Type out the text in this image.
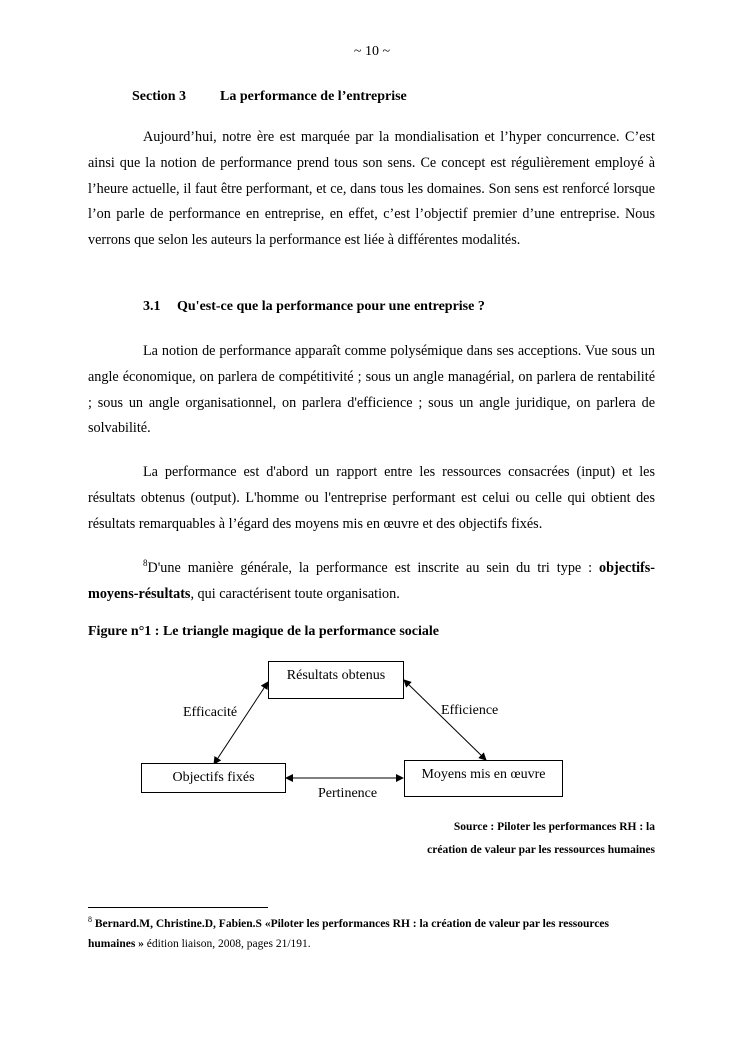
~ 10 ~
Section 3 La performance de l’entreprise

Aujourd’hui, notre ère est marquée par la mondialisation et l’hyper concurrence. C’est ainsi que la notion de performance prend tous son sens. Ce concept est régulièrement employé à l’heure actuelle, il faut être performant, et ce, dans tous les domaines. Son sens est renforcé lorsque l’on parle de performance en entreprise, en effet, c’est l’objectif premier d’une entreprise. Nous verrons que selon les auteurs la performance est liée à différentes modalités.

3.1 Qu'est-ce que la performance pour une entreprise ?

La notion de performance apparaît comme polysémique dans ses acceptions. Vue sous un angle économique, on parlera de compétitivité ; sous un angle managérial, on parlera de rentabilité ; sous un angle organisationnel, on parlera d'efficience ; sous un angle juridique, on parlera de solvabilité.

La performance est d'abord un rapport entre les ressources consacrées (input) et les résultats obtenus (output). L'homme ou l'entreprise performant est celui ou celle qui obtient des résultats remarquables à l’égard des moyens mis en œuvre et des objectifs fixés.

$^8$D'une manière générale, la performance est inscrite au sein du tri type : objectifs-moyens-résultats, qui caractérisent toute organisation.

Figure n°1 : Le triangle magique de la performance sociale
Résultats obtenus
Objectifs fixés	Moyens mis en œuvre
Efficacité	Efficience
Pertinence
Source : Piloter les performances RH : la
création de valeur par les ressources humaines
$^8$ Bernard.M, Christine.D, Fabien.S «Piloter les performances RH : la création de valeur par les ressources humaines » édition liaison, 2008, pages 21/191.
